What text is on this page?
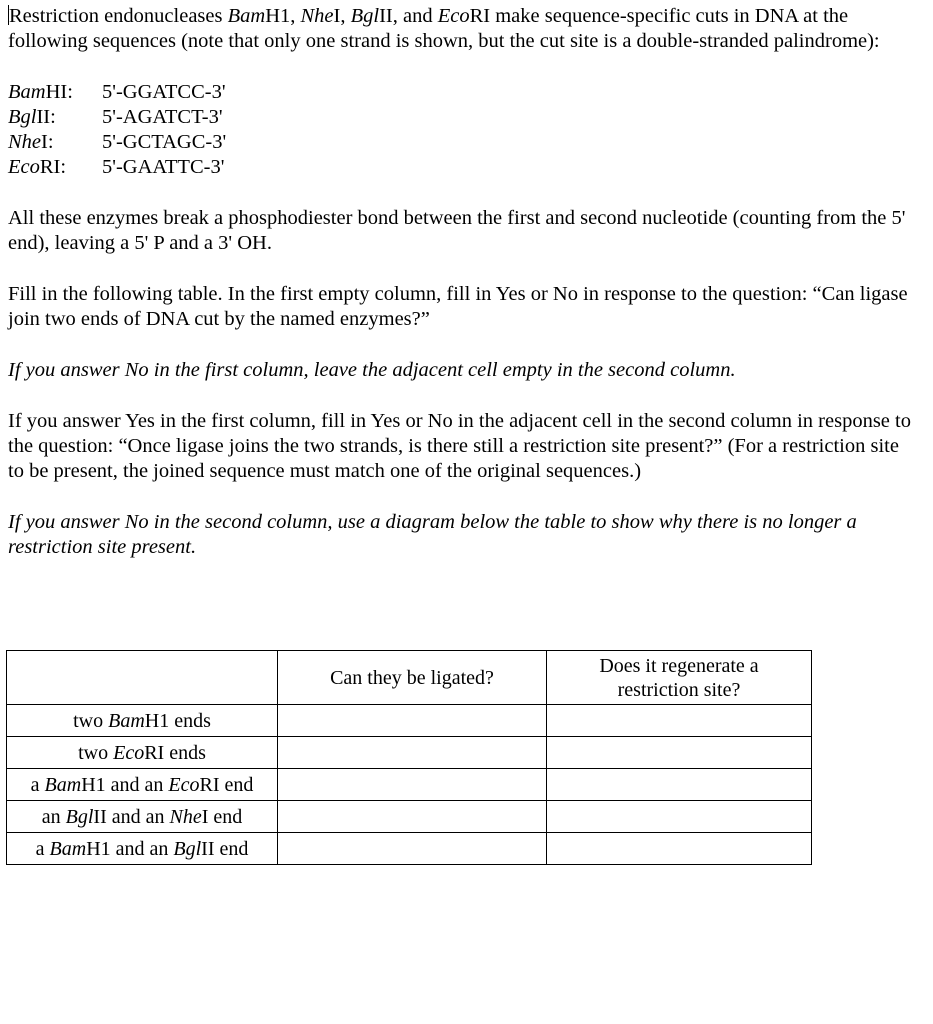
Restriction endonucleases BamH1, NheI, BglII, and EcoRI make sequence-specific cuts in DNA at the following sequences (note that only one strand is shown, but the cut site is a double-stranded palindrome):

BamHI:	5'-GGATCC-3'
BglII:	5'-AGATCT-3'
NheI:	5'-GCTAGC-3'
EcoRI:	5'-GAATTC-3'

All these enzymes break a phosphodiester bond between the first and second nucleotide (counting from the 5' end), leaving a 5' P and a 3' OH.

Fill in the following table. In the first empty column, fill in Yes or No in response to the question: “Can ligase join two ends of DNA cut by the named enzymes?”

If you answer No in the first column, leave the adjacent cell empty in the second column.

If you answer Yes in the first column, fill in Yes or No in the adjacent cell in the second column in response to the question: “Once ligase joins the two strands, is there still a restriction site present?” (For a restriction site to be present, the joined sequence must match one of the original sequences.)

If you answer No in the second column, use a diagram below the table to show why there is no longer a restriction site present.

	Can they be ligated?	Does it regenerate a
restriction site?
two BamH1 ends		
two EcoRI ends		
a BamH1 and an EcoRI end		
an BglII and an NheI end		
a BamH1 and an BglII end		
